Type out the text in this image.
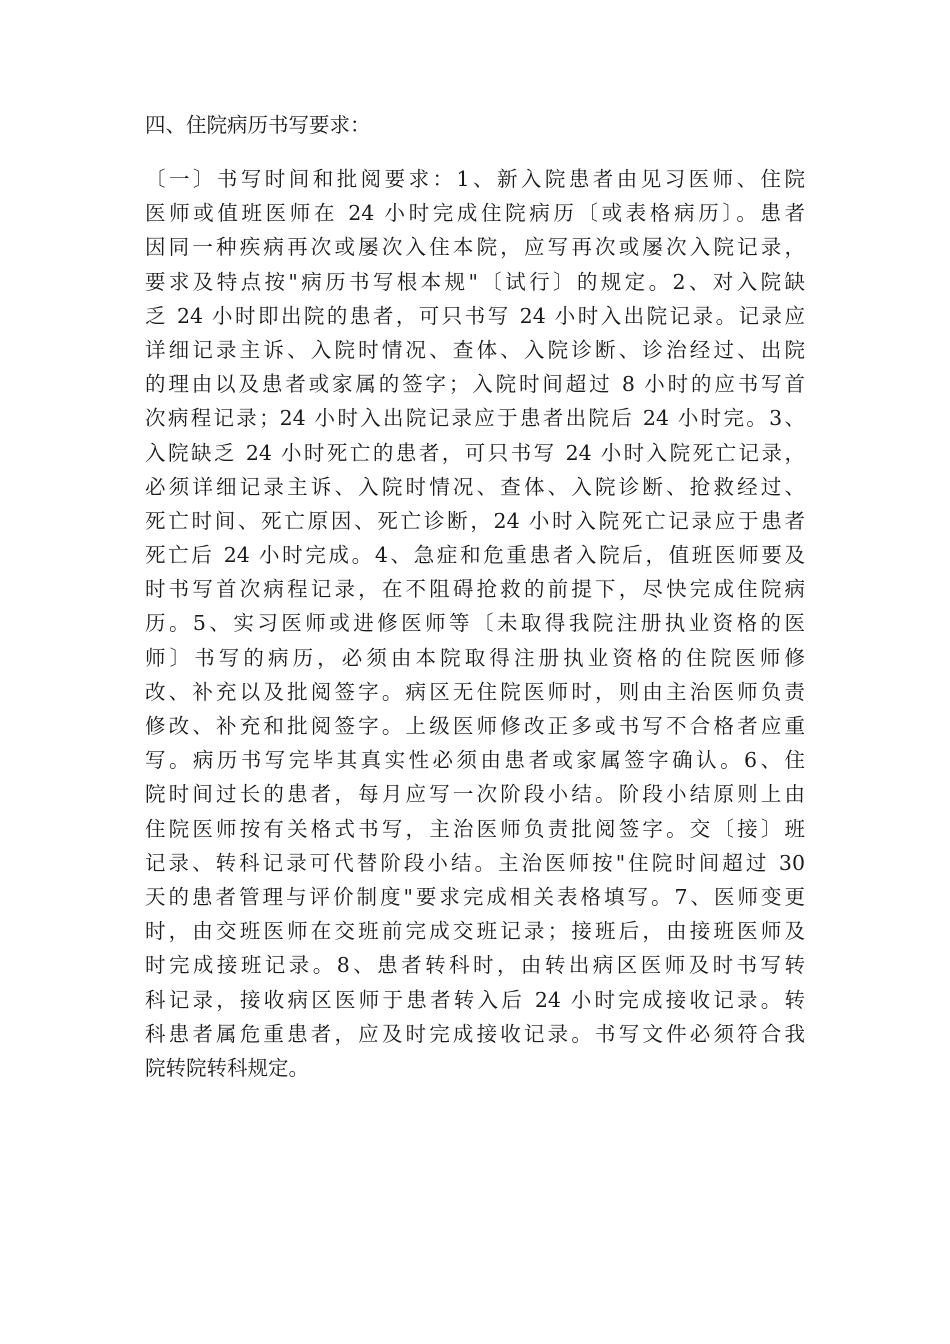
四、住院病历书写要求：

〔一〕书写时间和批阅要求：1、新入院患者由见习医师、住院
医师或值班医师在 24 小时完成住院病历〔或表格病历〕。患者
因同一种疾病再次或屡次入住本院，应写再次或屡次入院记录，
要求及特点按"病历书写根本规"〔试行〕的规定。2、对入院缺
乏 24 小时即出院的患者，可只书写 24 小时入出院记录。记录应
详细记录主诉、入院时情况、查体、入院诊断、诊治经过、出院
的理由以及患者或家属的签字；入院时间超过 8 小时的应书写首
次病程记录；24 小时入出院记录应于患者出院后 24 小时完。3、
入院缺乏 24 小时死亡的患者，可只书写 24 小时入院死亡记录，
必须详细记录主诉、入院时情况、查体、入院诊断、抢救经过、
死亡时间、死亡原因、死亡诊断，24 小时入院死亡记录应于患者
死亡后 24 小时完成。4、急症和危重患者入院后，值班医师要及
时书写首次病程记录，在不阻碍抢救的前提下，尽快完成住院病
历。5、实习医师或进修医师等〔未取得我院注册执业资格的医
师〕书写的病历，必须由本院取得注册执业资格的住院医师修
改、补充以及批阅签字。病区无住院医师时，则由主治医师负责
修改、补充和批阅签字。上级医师修改正多或书写不合格者应重
写。病历书写完毕其真实性必须由患者或家属签字确认。6、住
院时间过长的患者，每月应写一次阶段小结。阶段小结原则上由
住院医师按有关格式书写，主治医师负责批阅签字。交〔接〕班
记录、转科记录可代替阶段小结。主治医师按"住院时间超过 30
天的患者管理与评价制度"要求完成相关表格填写。7、医师变更
时，由交班医师在交班前完成交班记录；接班后，由接班医师及
时完成接班记录。8、患者转科时，由转出病区医师及时书写转
科记录，接收病区医师于患者转入后 24 小时完成接收记录。转
科患者属危重患者，应及时完成接收记录。书写文件必须符合我
院转院转科规定。
